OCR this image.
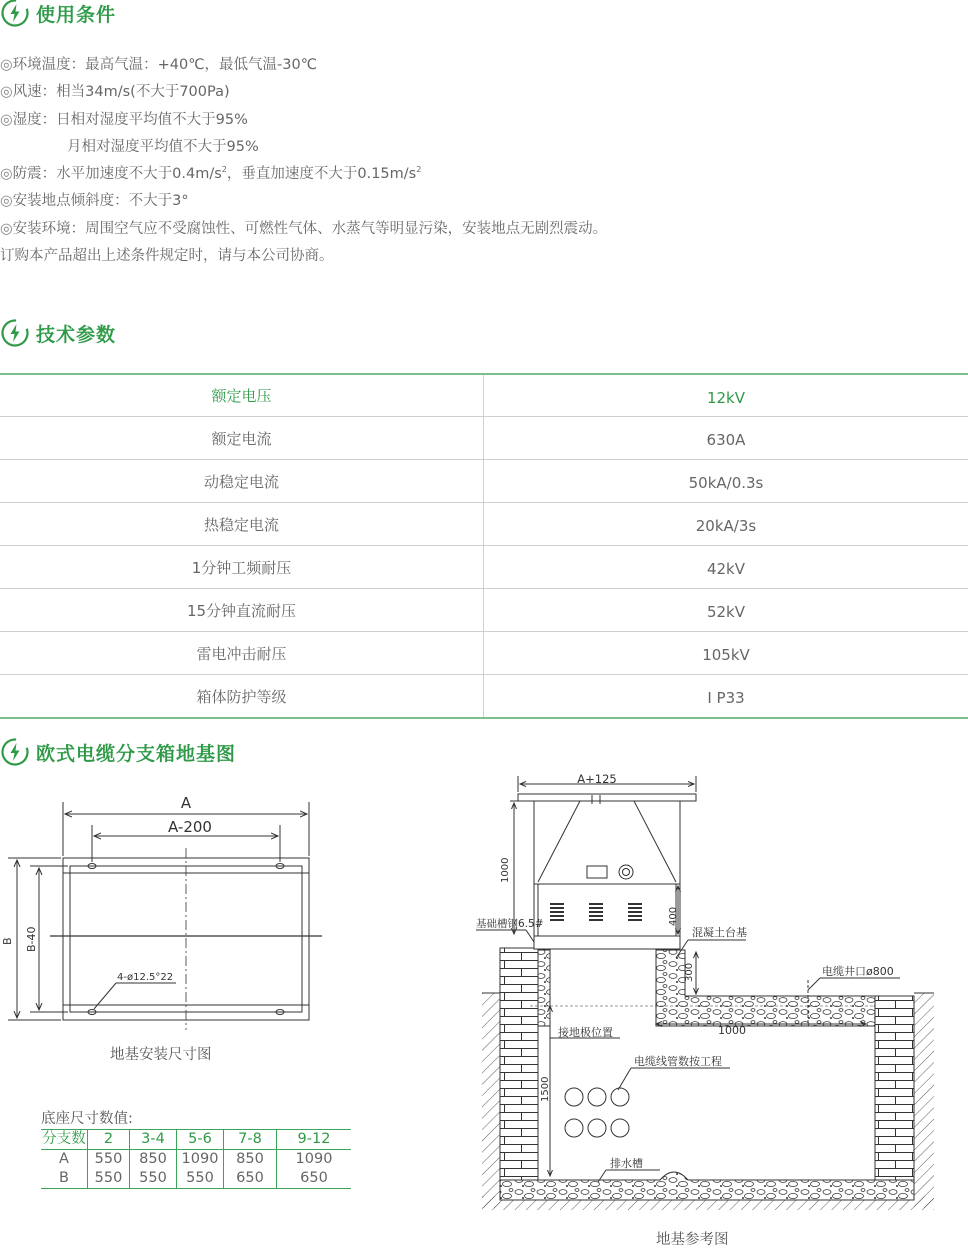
使用条件
◎环境温度：最高气温：+40℃，最低气温-30℃
◎风速：相当34m/s(不大于700Pa)
◎湿度：日相对湿度平均值不大于95%
月相对湿度平均值不大于95%
◎防震：水平加速度不大于$0.4m/s^2$，垂直加速度不大于$0.15m/s^2$
◎安装地点倾斜度：不大于3°
◎安装环境：周围空气应不受腐蚀性、可燃性气体、水蒸气等明显污染，安装地点无剧烈震动。
订购本产品超出上述条件规定时，请与本公司协商。
技术参数
额定电压	12kV
额定电流	630A
动稳定电流	50kA/0.3s
热稳定电流	20kA/3s
1分钟工频耐压	42kV
15分钟直流耐压	52kV
雷电冲击耐压	105kV
箱体防护等级	I P33
欧式电缆分支箱地基图
A
A-200
B B-40
4-ø12.5°22
地基安装尺寸图
底座尺寸数值:
分支数	2	3-4	5-6	7-8	9-12
A	550	850	1090	850	1090
B	550	550	550	650	650
A+125
1000
400
300
1500
1000
基础槽钢6.5#
混凝土台基
电缆井口ø800
接地极位置
电缆线管数按工程
排水槽
地基参考图
